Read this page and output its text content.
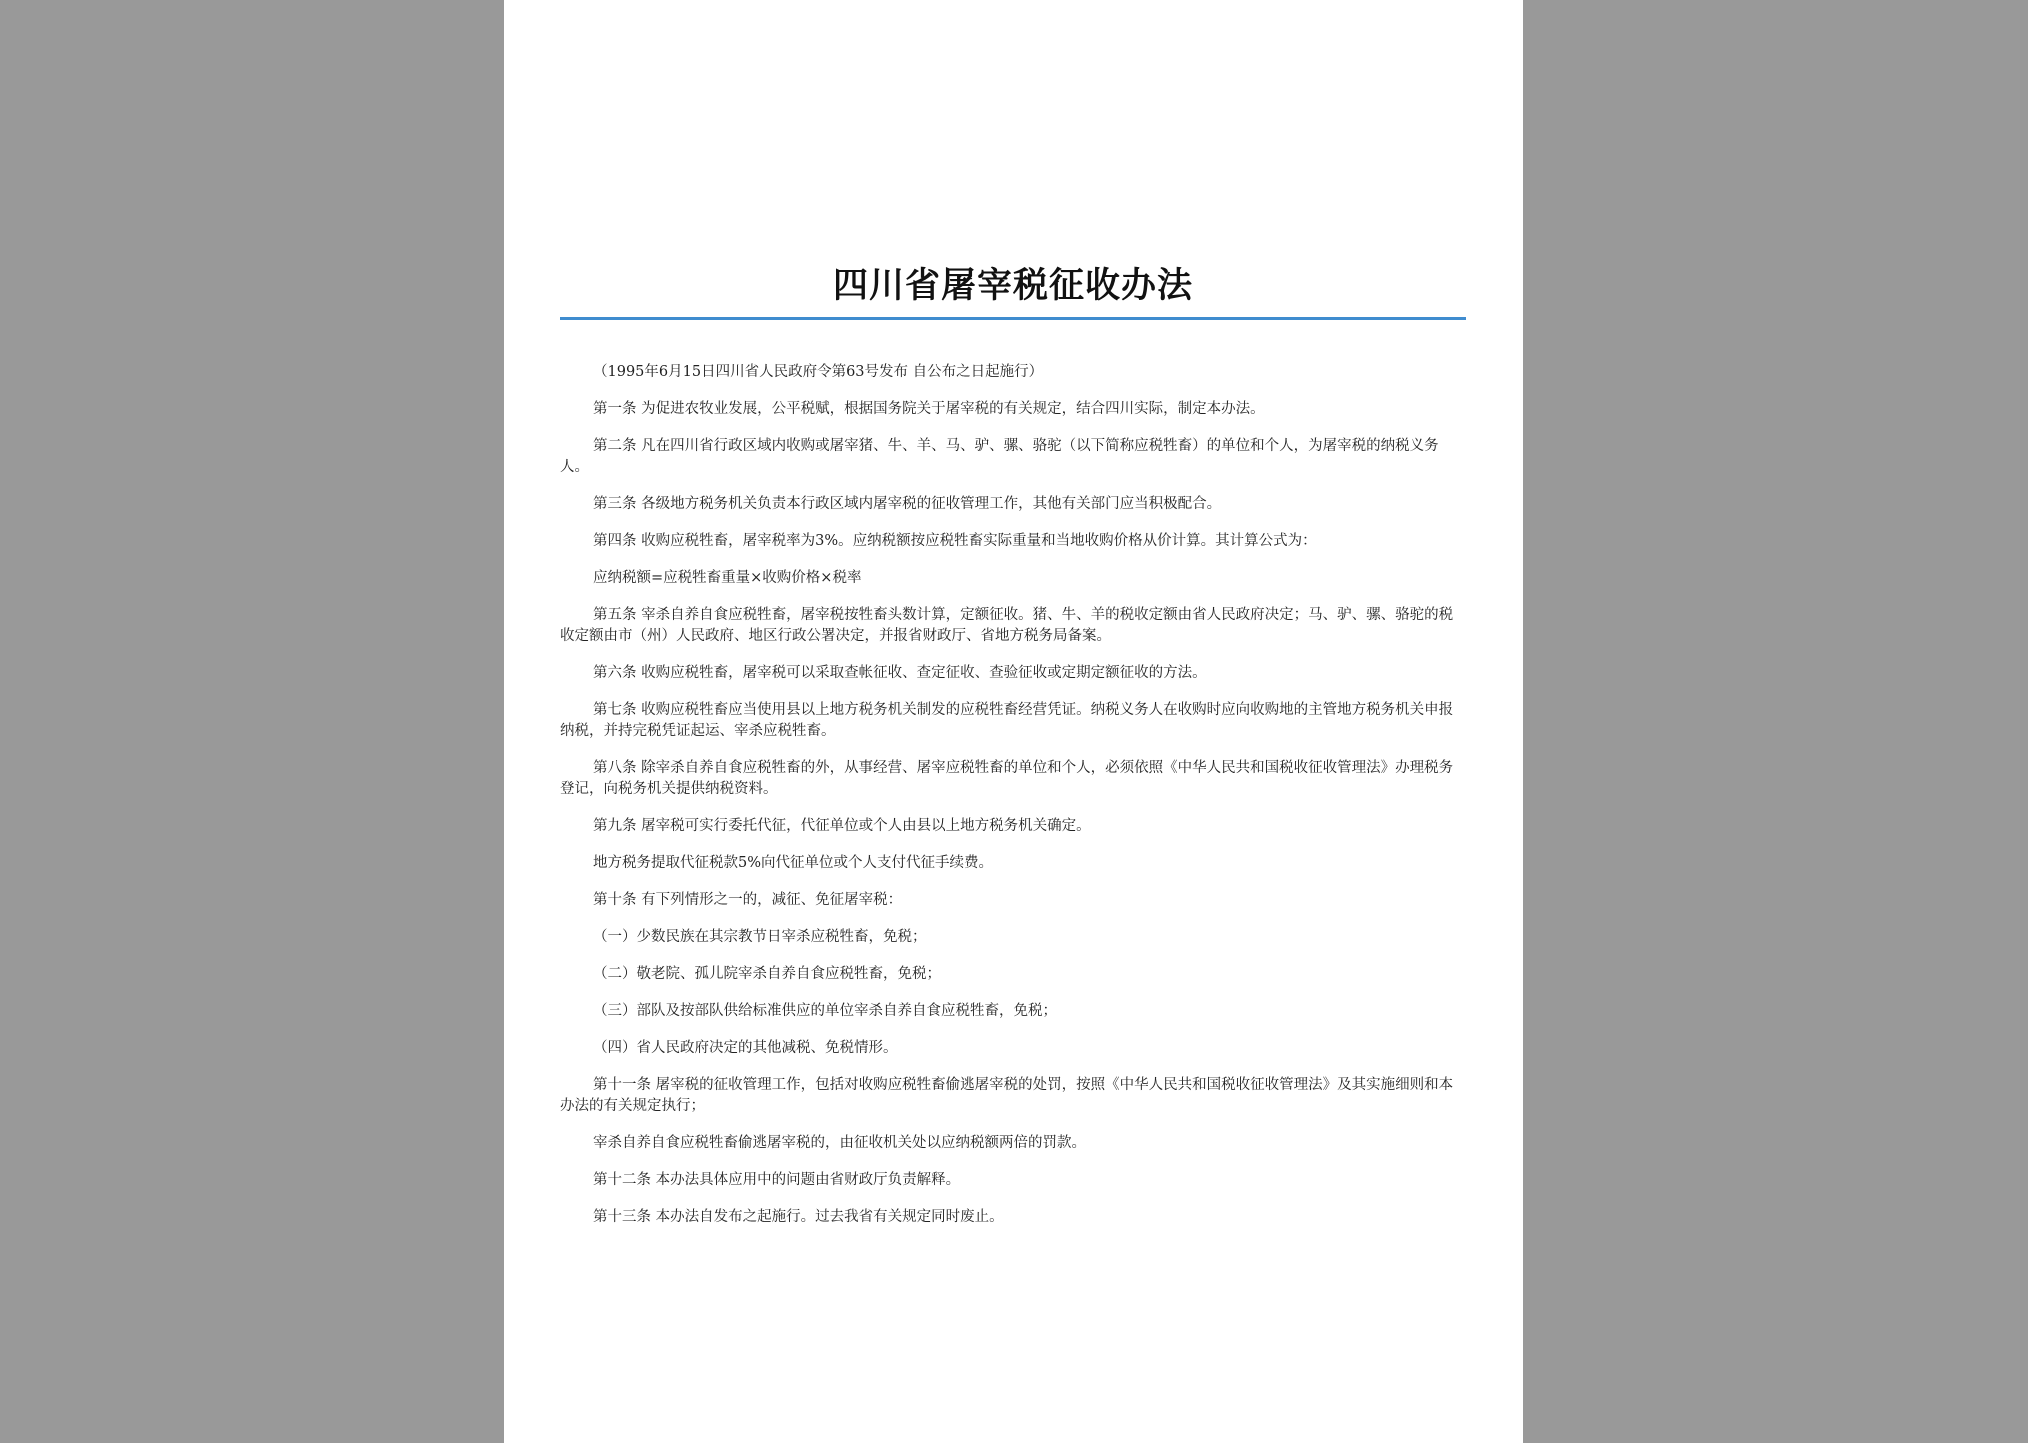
四川省屠宰税征收办法

（1995年6月15日四川省人民政府令第63号发布 自公布之日起施行）

第一条 为促进农牧业发展，公平税赋，根据国务院关于屠宰税的有关规定，结合四川实际，制定本办法。

第二条 凡在四川省行政区域内收购或屠宰猪、牛、羊、马、驴、骡、骆驼（以下简称应税牲畜）的单位和个人，为屠宰税的纳税义务人。

第三条 各级地方税务机关负责本行政区域内屠宰税的征收管理工作，其他有关部门应当积极配合。

第四条 收购应税牲畜，屠宰税率为3%。应纳税额按应税牲畜实际重量和当地收购价格从价计算。其计算公式为：

应纳税额=应税牲畜重量×收购价格×税率

第五条 宰杀自养自食应税牲畜，屠宰税按牲畜头数计算，定额征收。猪、牛、羊的税收定额由省人民政府决定；马、驴、骡、骆驼的税收定额由市（州）人民政府、地区行政公署决定，并报省财政厅、省地方税务局备案。

第六条 收购应税牲畜，屠宰税可以采取查帐征收、查定征收、查验征收或定期定额征收的方法。

第七条 收购应税牲畜应当使用县以上地方税务机关制发的应税牲畜经营凭证。纳税义务人在收购时应向收购地的主管地方税务机关申报纳税，并持完税凭证起运、宰杀应税牲畜。

第八条 除宰杀自养自食应税牲畜的外，从事经营、屠宰应税牲畜的单位和个人，必须依照《中华人民共和国税收征收管理法》办理税务登记，向税务机关提供纳税资料。

第九条 屠宰税可实行委托代征，代征单位或个人由县以上地方税务机关确定。

地方税务提取代征税款5%向代征单位或个人支付代征手续费。

第十条 有下列情形之一的，减征、免征屠宰税：

（一）少数民族在其宗教节日宰杀应税牲畜，免税；

（二）敬老院、孤儿院宰杀自养自食应税牲畜，免税；

（三）部队及按部队供给标准供应的单位宰杀自养自食应税牲畜，免税；

（四）省人民政府决定的其他减税、免税情形。

第十一条 屠宰税的征收管理工作，包括对收购应税牲畜偷逃屠宰税的处罚，按照《中华人民共和国税收征收管理法》及其实施细则和本办法的有关规定执行；

宰杀自养自食应税牲畜偷逃屠宰税的，由征收机关处以应纳税额两倍的罚款。

第十二条 本办法具体应用中的问题由省财政厅负责解释。

第十三条 本办法自发布之起施行。过去我省有关规定同时废止。
